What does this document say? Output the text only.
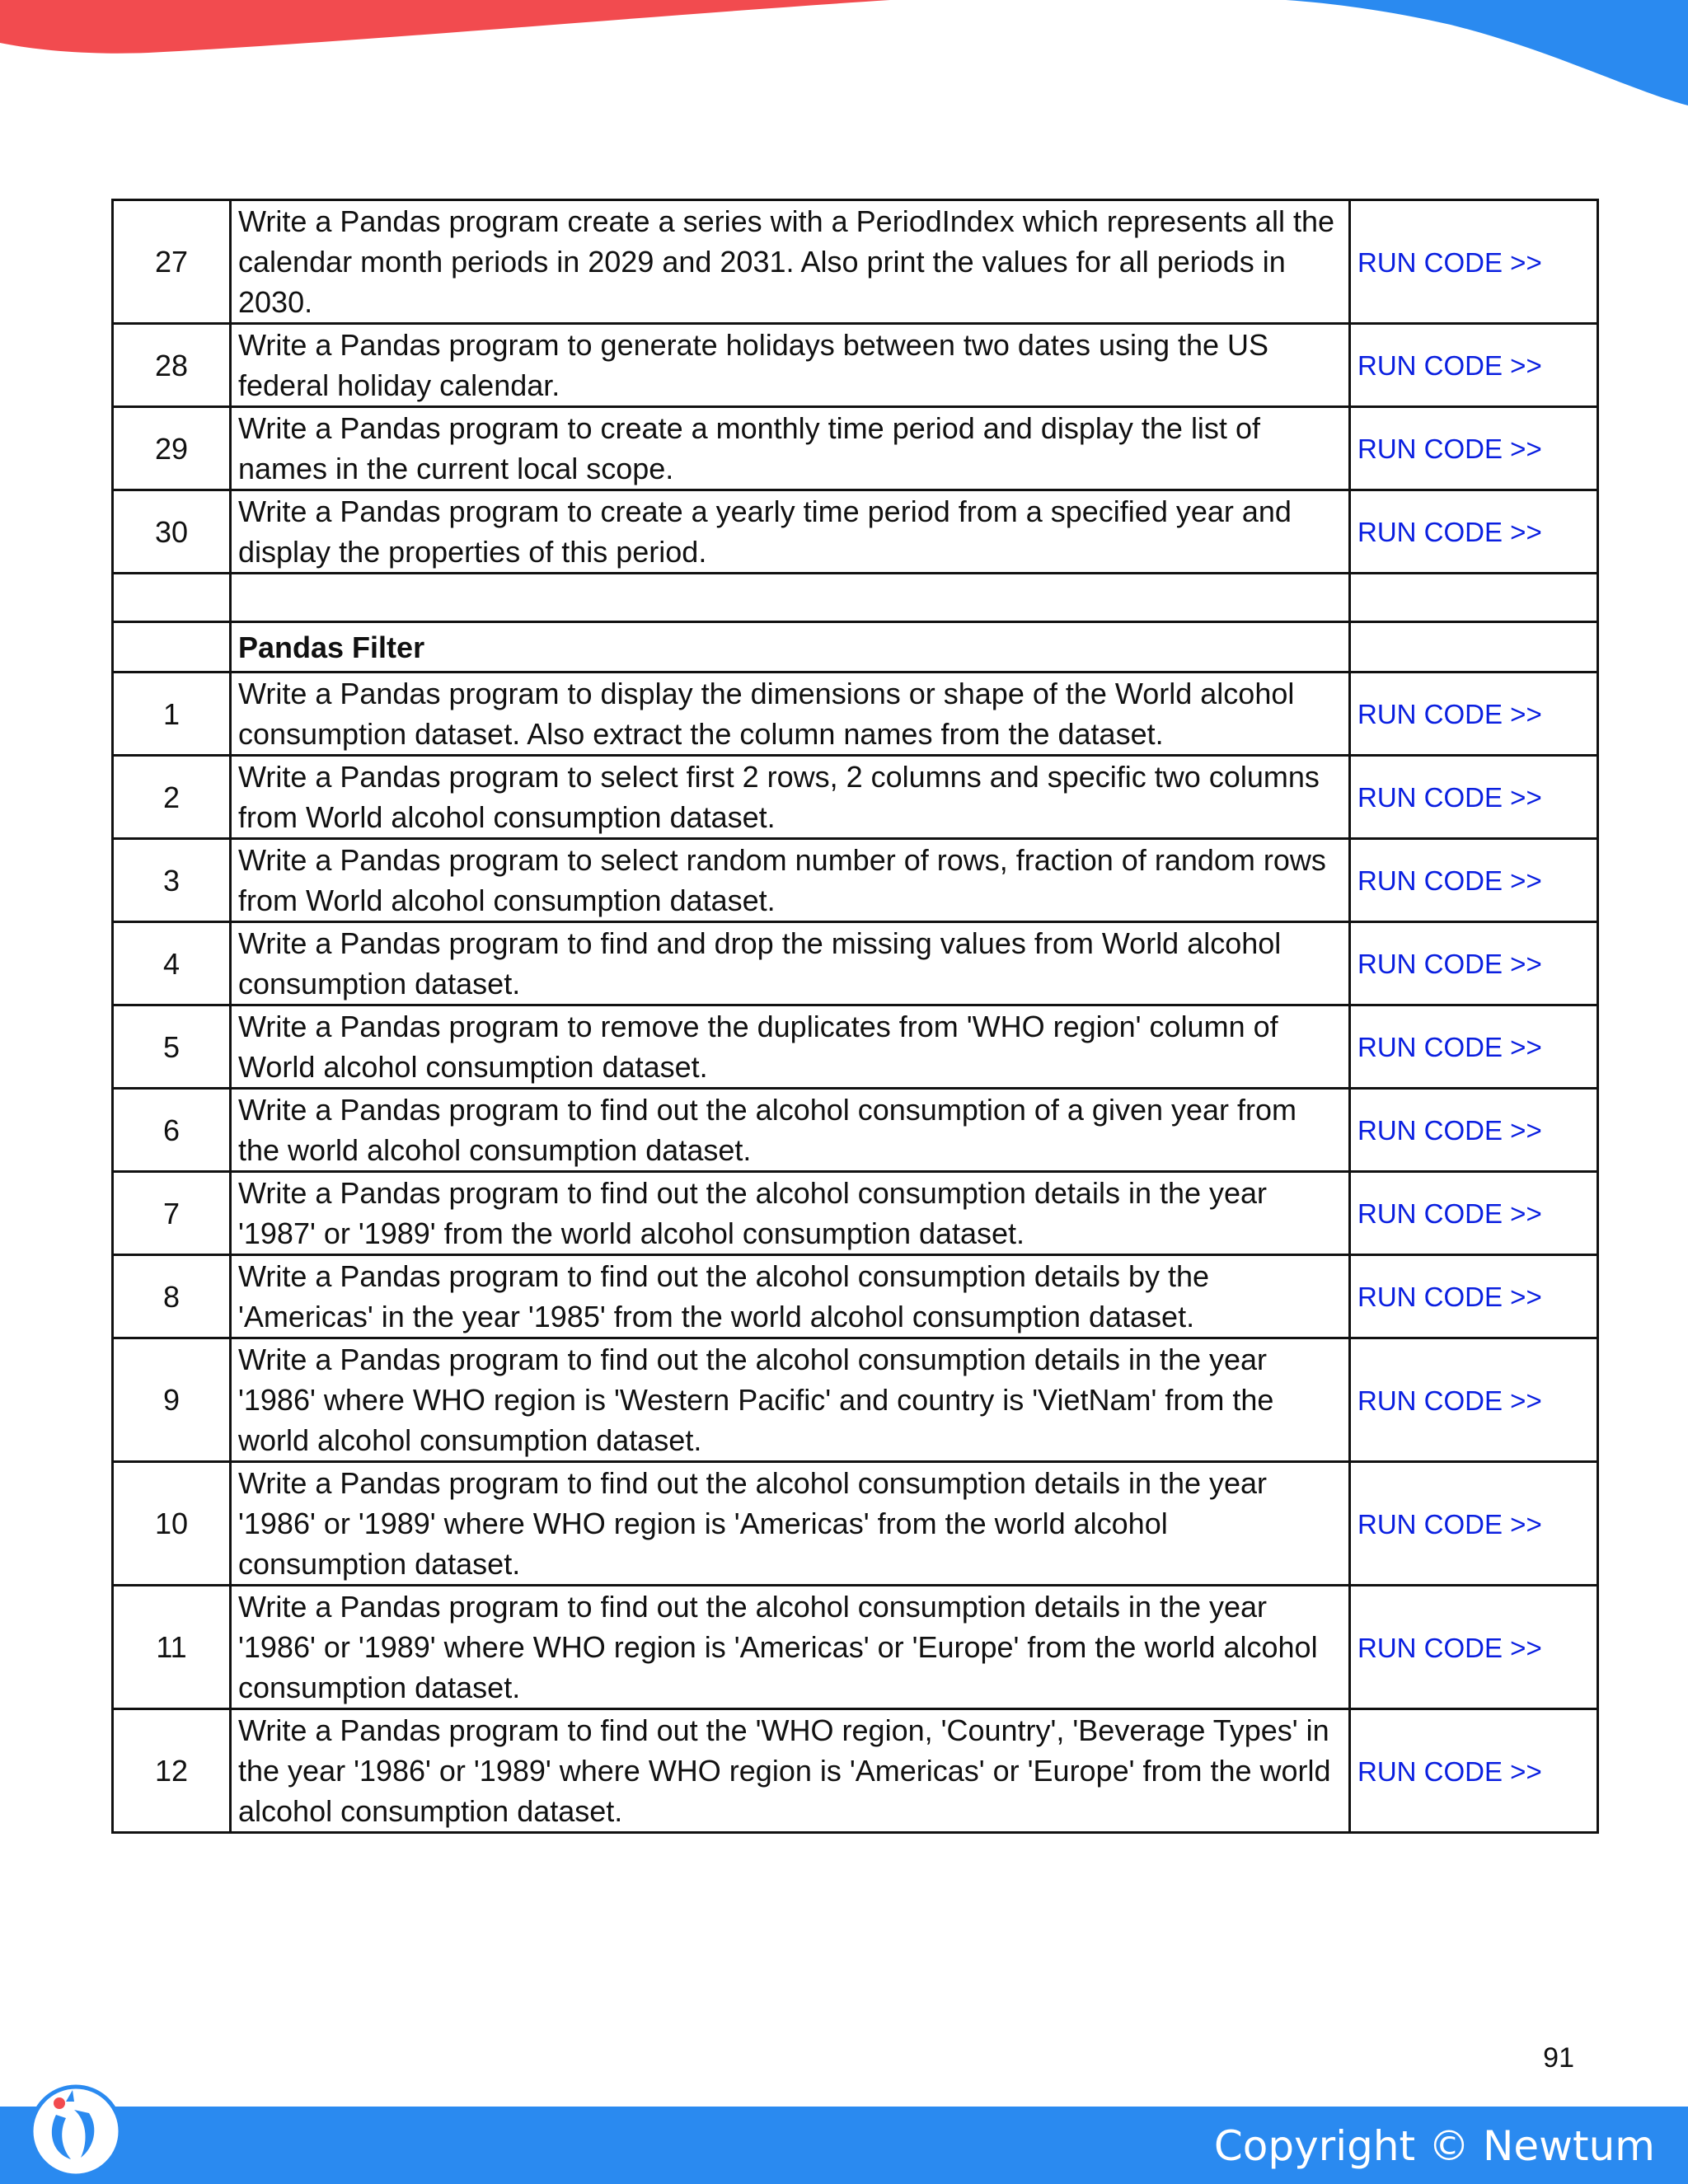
27	Write a Pandas program create a series with a PeriodIndex which represents all the calendar month periods in 2029 and 2031. Also print the values for all periods in 2030.	RUN CODE >>
28	Write a Pandas program to generate holidays between two dates using the US federal holiday calendar.	RUN CODE >>
29	Write a Pandas program to create a monthly time period and display the list of names in the current local scope.	RUN CODE >>
30	Write a Pandas program to create a yearly time period from a specified year and display the properties of this period.	RUN CODE >>

	Pandas Filter	
1	Write a Pandas program to display the dimensions or shape of the World alcohol consumption dataset. Also extract the column names from the dataset.	RUN CODE >>
2	Write a Pandas program to select first 2 rows, 2 columns and specific two columns from World alcohol consumption dataset.	RUN CODE >>
3	Write a Pandas program to select random number of rows, fraction of random rows from World alcohol consumption dataset.	RUN CODE >>
4	Write a Pandas program to find and drop the missing values from World alcohol consumption dataset.	RUN CODE >>
5	Write a Pandas program to remove the duplicates from 'WHO region' column of World alcohol consumption dataset.	RUN CODE >>
6	Write a Pandas program to find out the alcohol consumption of a given year from the world alcohol consumption dataset.	RUN CODE >>
7	Write a Pandas program to find out the alcohol consumption details in the year '1987' or '1989' from the world alcohol consumption dataset.	RUN CODE >>
8	Write a Pandas program to find out the alcohol consumption details by the 'Americas' in the year '1985' from the world alcohol consumption dataset.	RUN CODE >>
9	Write a Pandas program to find out the alcohol consumption details in the year '1986' where WHO region is 'Western Pacific' and country is 'VietNam' from the world alcohol consumption dataset.	RUN CODE >>
10	Write a Pandas program to find out the alcohol consumption details in the year '1986' or '1989' where WHO region is 'Americas' from the world alcohol consumption dataset.	RUN CODE >>
11	Write a Pandas program to find out the alcohol consumption details in the year '1986' or '1989' where WHO region is 'Americas' or 'Europe' from the world alcohol consumption dataset.	RUN CODE >>
12	Write a Pandas program to find out the 'WHO region, 'Country', 'Beverage Types' in the year '1986' or '1989' where WHO region is 'Americas' or 'Europe' from the world alcohol consumption dataset.	RUN CODE >>
91
Copyright © Newtum
